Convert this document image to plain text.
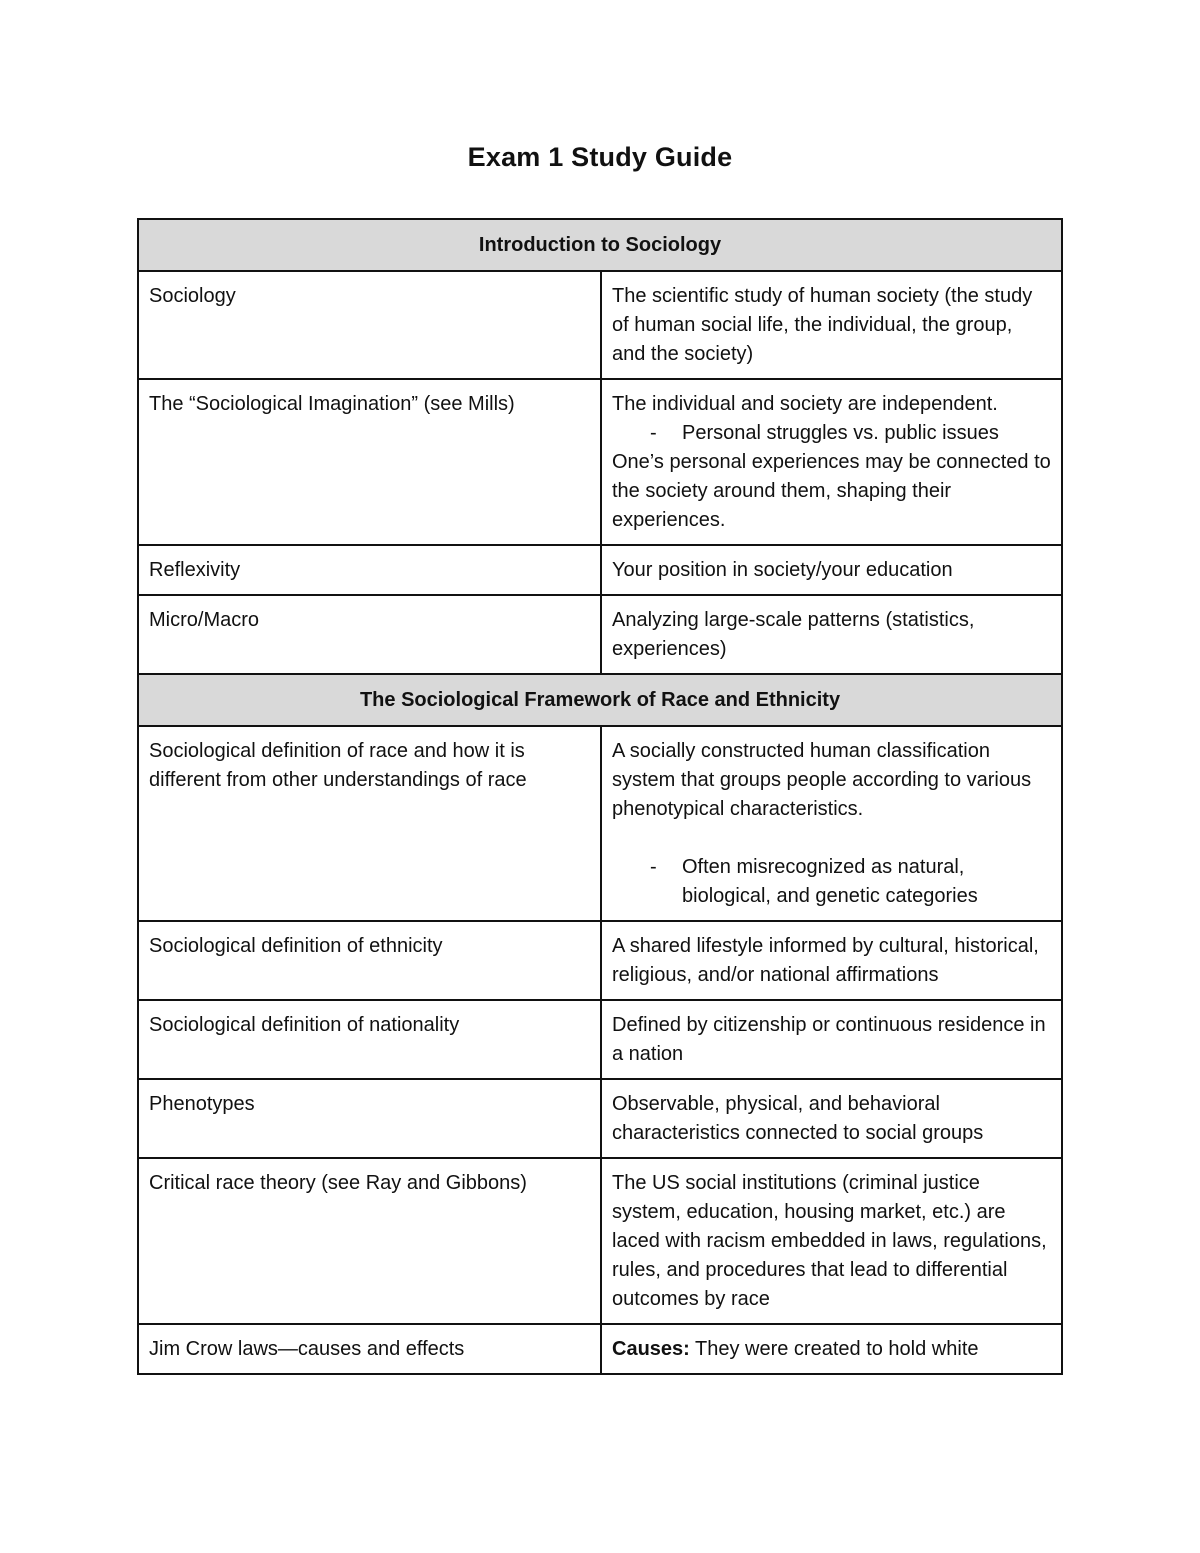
Exam 1 Study Guide
Introduction to Sociology	
Sociology	The scientific study of human society (the study of human social life, the individual, the group, and the society)
The “Sociological Imagination” (see Mills)	The individual and society are independent.
- Personal struggles vs. public issues
One’s personal experiences may be connected to the society around them, shaping their experiences.

Reflexivity	Your position in society/your education
Micro/Macro	Analyzing large-scale patterns (statistics, experiences)
The Sociological Framework of Race and Ethnicity	
Sociological definition of race and how it is different from other understandings of race	A socially constructed human classification system that groups people according to various phenotypical characteristics.
- Often misrecognized as natural, biological, and genetic categories

Sociological definition of ethnicity	A shared lifestyle informed by cultural, historical, religious, and/or national affirmations
Sociological definition of nationality	Defined by citizenship or continuous residence in a nation
Phenotypes	Observable, physical, and behavioral characteristics connected to social groups
Critical race theory (see Ray and Gibbons)	The US social institutions (criminal justice system, education, housing market, etc.) are laced with racism embedded in laws, regulations, rules, and procedures that lead to differential outcomes by race
Jim Crow laws—causes and effects	Causes: They were created to hold white
